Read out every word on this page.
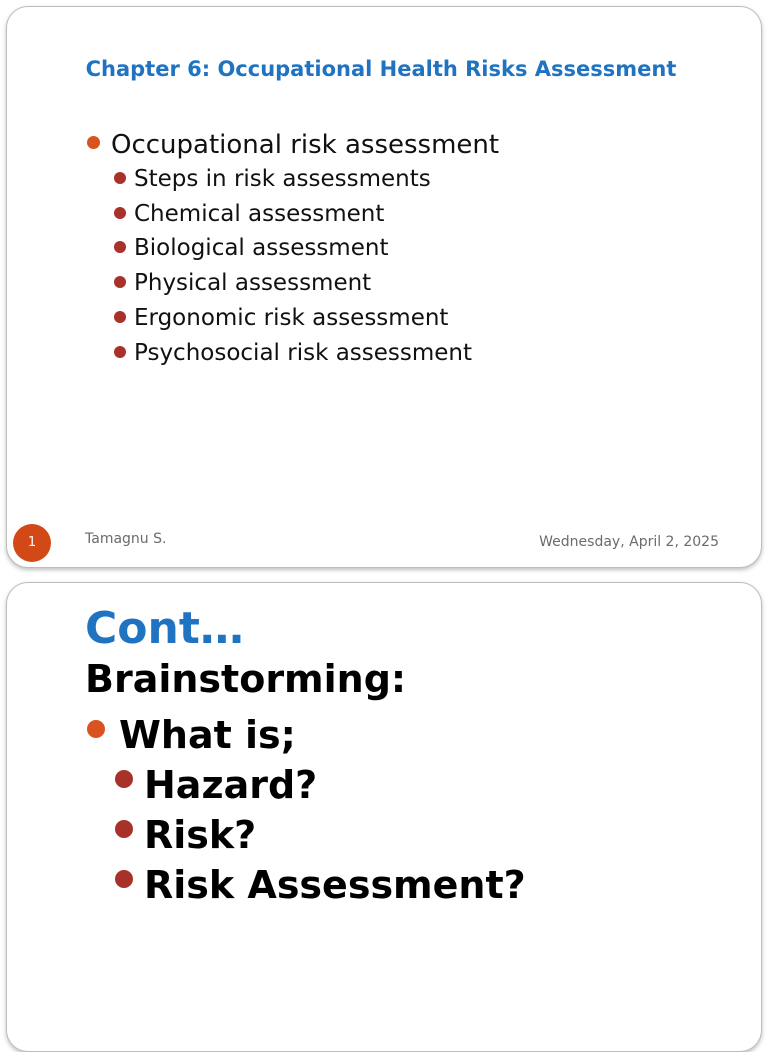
Chapter 6: Occupational Health Risks Assessment
Occupational risk assessment
Steps in risk assessments
Chemical assessment
Biological assessment
Physical assessment
Ergonomic risk assessment
Psychosocial risk assessment
1	Tamagnu S.	Wednesday, April 2, 2025
Cont…
Brainstorming:
What is;
Hazard?
Risk?
Risk Assessment?
